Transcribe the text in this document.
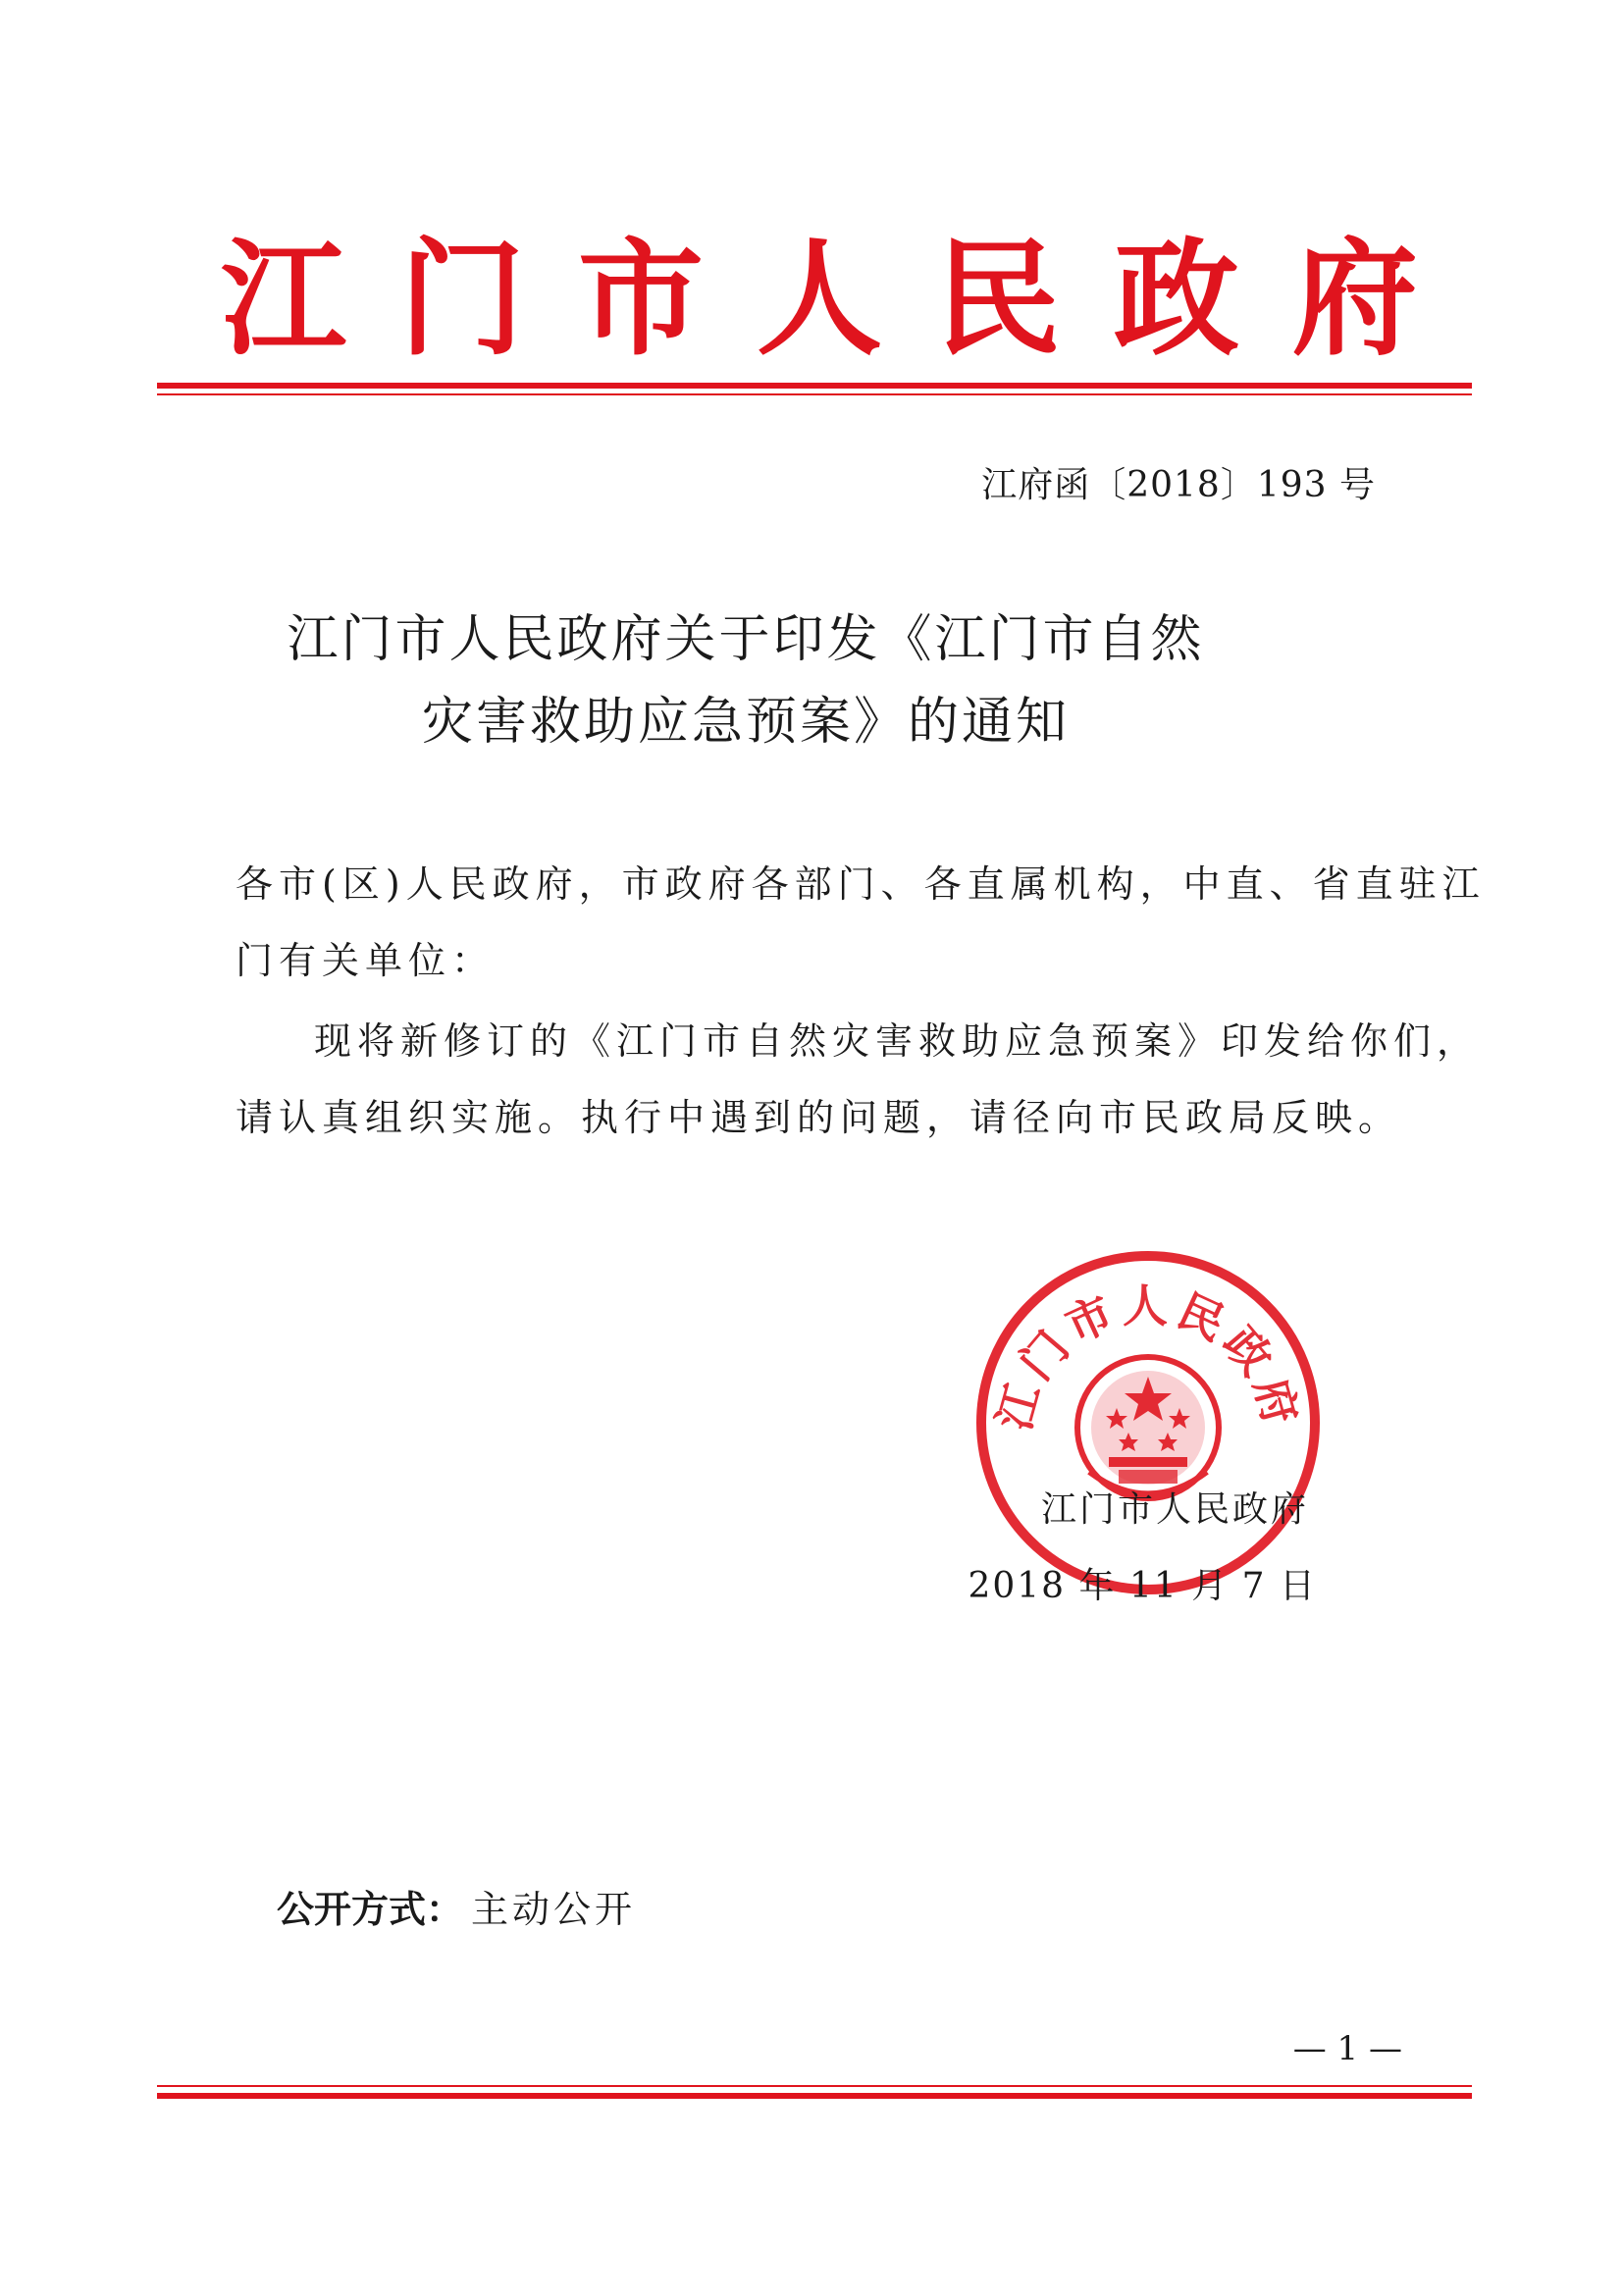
江 门 市 人 民 政 府
江府函〔2018〕193 号
江门市人民政府关于印发《江门市自然
灾害救助应急预案》的通知
各市(区)人民政府，市政府各部门、各直属机构，中直、省直驻江
门有关单位：
现将新修订的《江门市自然灾害救助应急预案》印发给你们，
请认真组织实施。执行中遇到的问题，请径向市民政局反映。
江门市人民政府
江门市人民政府
2018 年 11 月 7 日
公开方式： 主动公开
— 1 —
